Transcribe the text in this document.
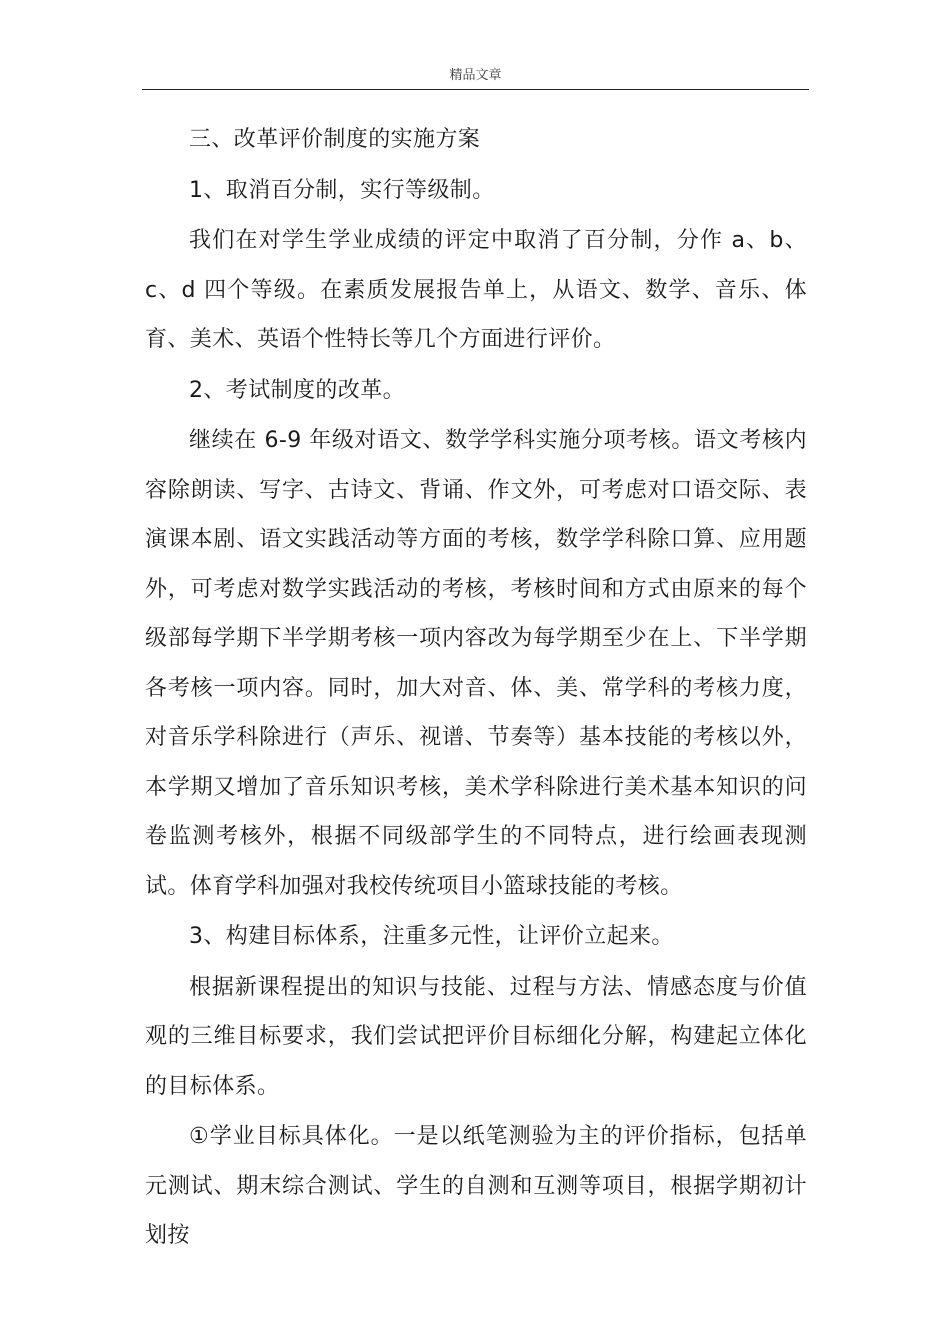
精品文章

三、改革评价制度的实施方案

1、取消百分制，实行等级制。

我们在对学生学业成绩的评定中取消了百分制，分作 a、b、c、d 四个等级。在素质发展报告单上，从语文、数学、音乐、体育、美术、英语个性特长等几个方面进行评价。

2、考试制度的改革。

继续在 6-9 年级对语文、数学学科实施分项考核。语文考核内容除朗读、写字、古诗文、背诵、作文外，可考虑对口语交际、表演课本剧、语文实践活动等方面的考核，数学学科除口算、应用题外，可考虑对数学实践活动的考核，考核时间和方式由原来的每个级部每学期下半学期考核一项内容改为每学期至少在上、下半学期各考核一项内容。同时，加大对音、体、美、常学科的考核力度，对音乐学科除进行（声乐、视谱、节奏等）基本技能的考核以外，本学期又增加了音乐知识考核，美术学科除进行美术基本知识的问卷监测考核外，根据不同级部学生的不同特点，进行绘画表现测试。体育学科加强对我校传统项目小篮球技能的考核。

3、构建目标体系，注重多元性，让评价立起来。

根据新课程提出的知识与技能、过程与方法、情感态度与价值观的三维目标要求，我们尝试把评价目标细化分解，构建起立体化的目标体系。

①学业目标具体化。一是以纸笔测验为主的评价指标，包括单元测试、期末综合测试、学生的自测和互测等项目，根据学期初计划按
